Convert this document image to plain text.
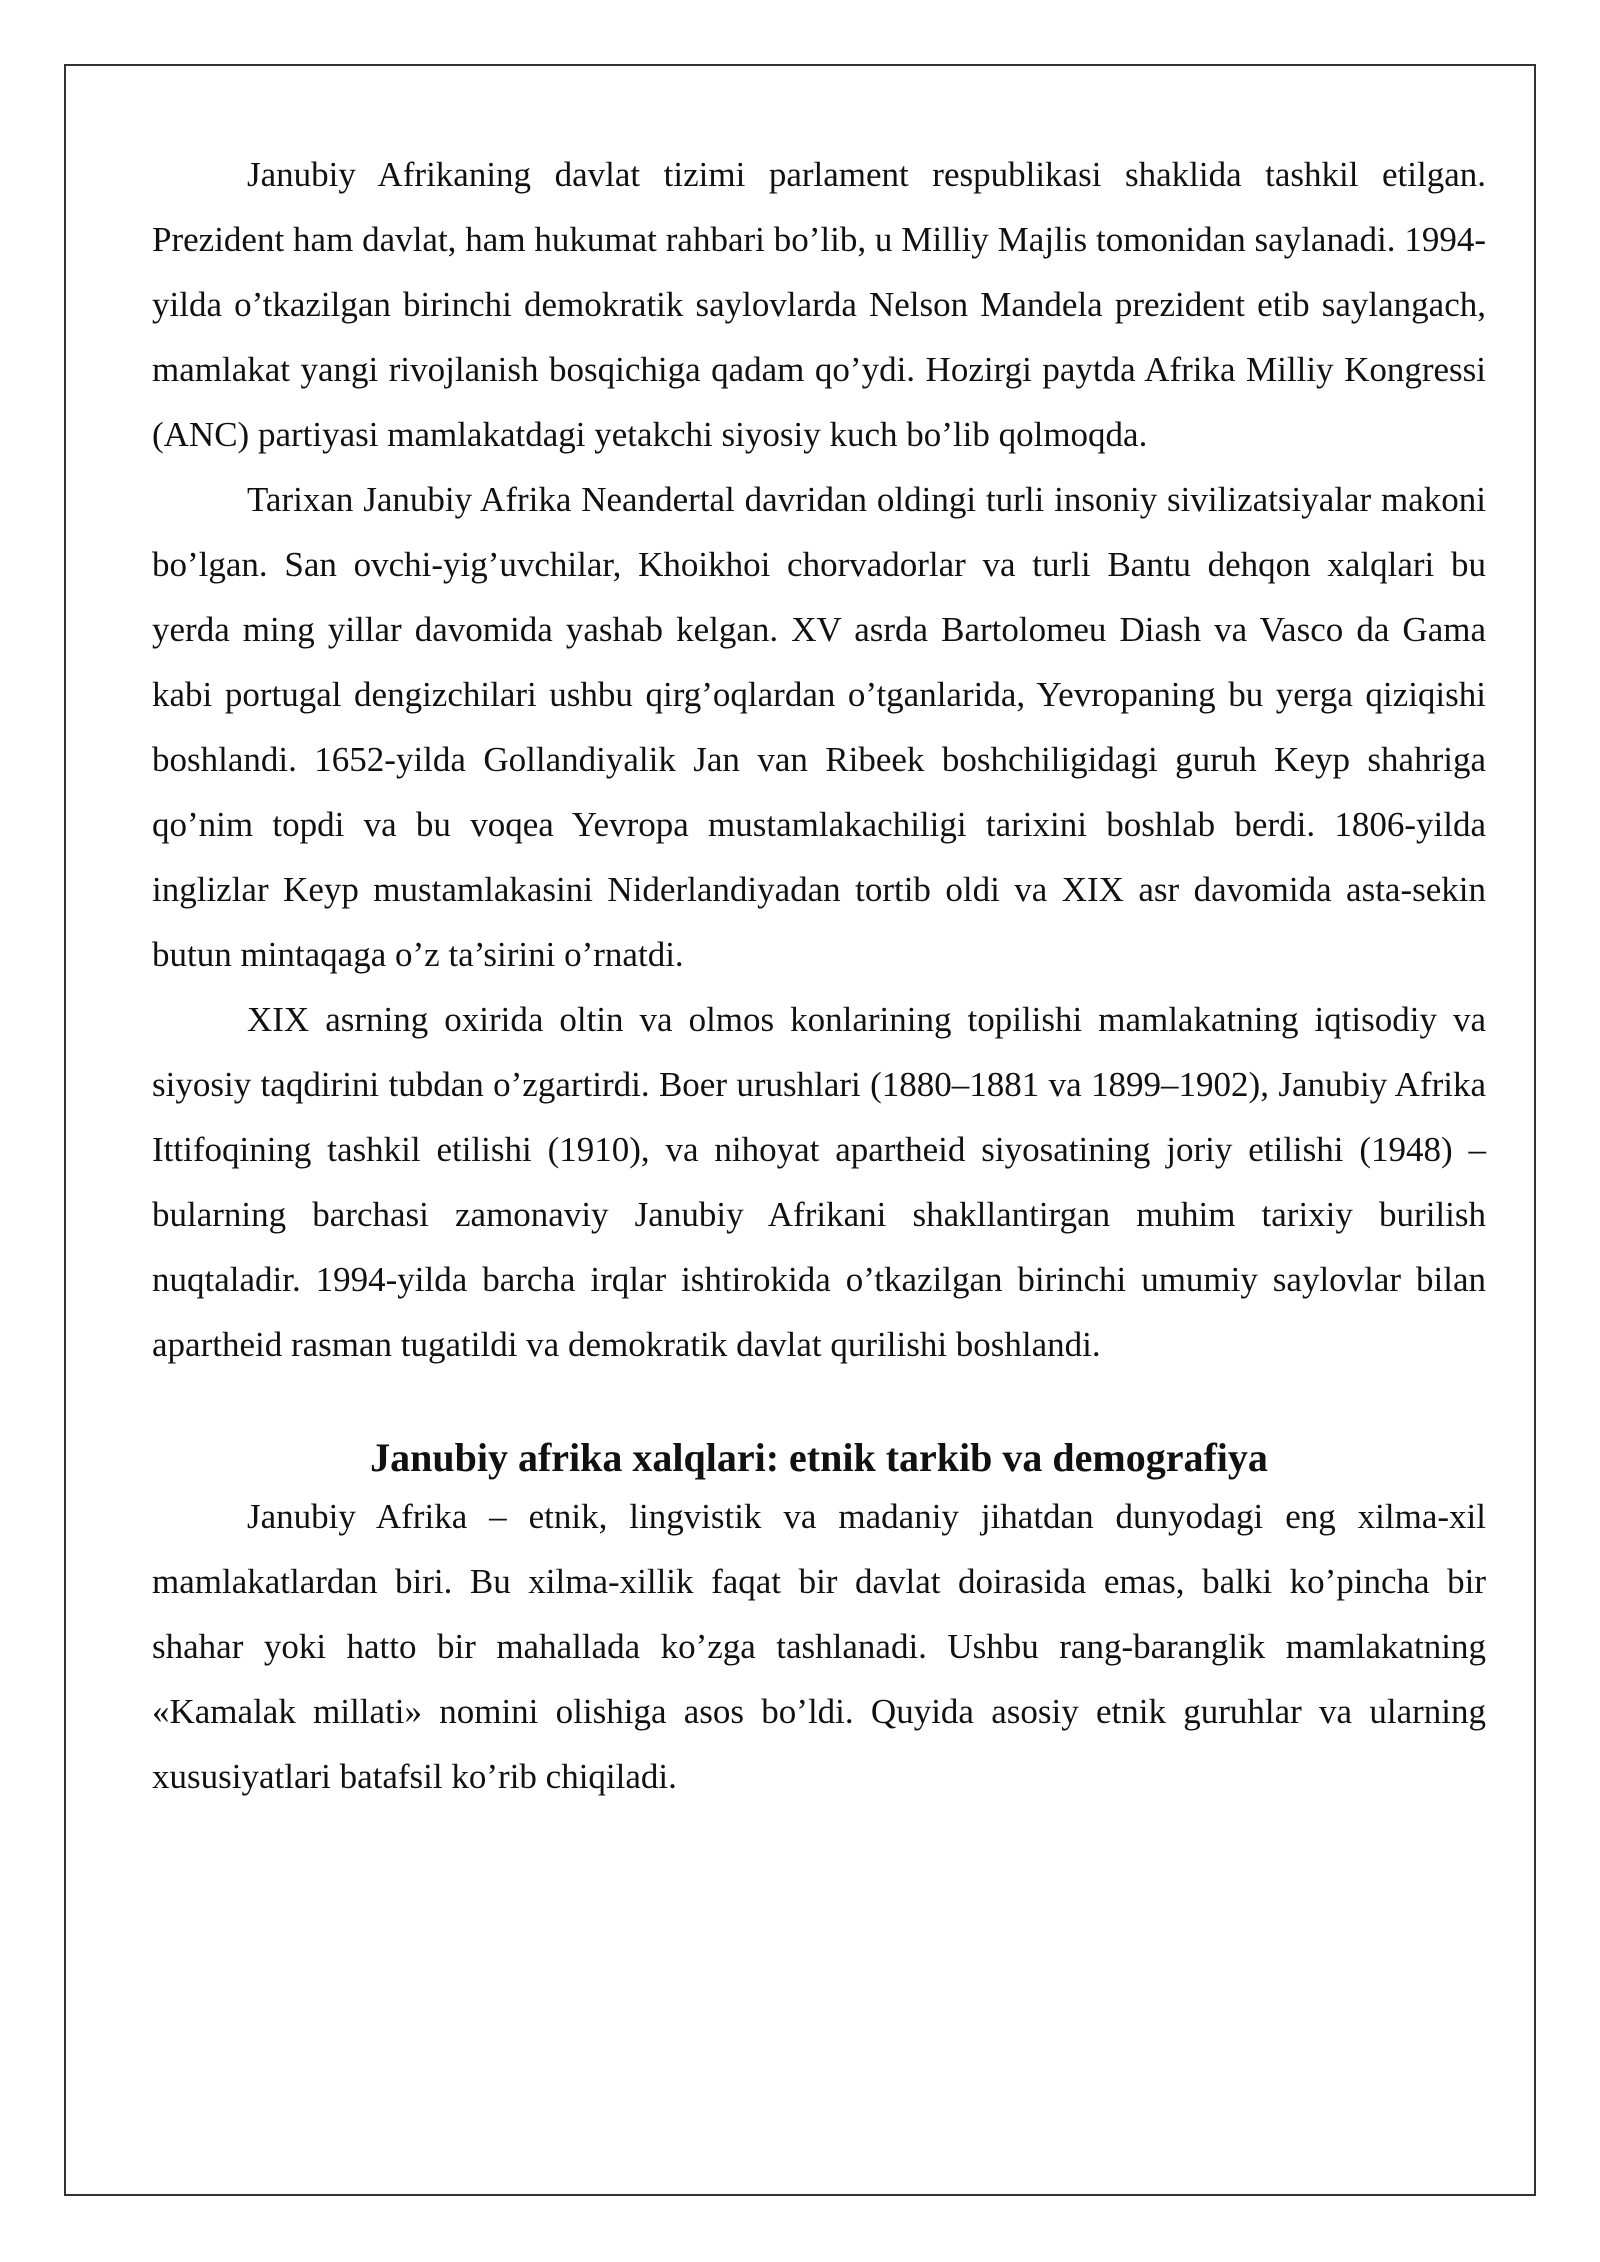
Janubiy Afrikaning davlat tizimi parlament respublikasi shaklida tashkil etilgan. Prezident ham davlat, ham hukumat rahbari bo’lib, u Milliy Majlis tomonidan saylanadi. 1994-yilda o’tkazilgan birinchi demokratik saylovlarda Nelson Mandela prezident etib saylangach, mamlakat yangi rivojlanish bosqichiga qadam qo’ydi. Hozirgi paytda Afrika Milliy Kongressi (ANC) partiyasi mamlakatdagi yetakchi siyosiy kuch bo’lib qolmoqda.

Tarixan Janubiy Afrika Neandertal davridan oldingi turli insoniy sivilizatsiyalar makoni bo’lgan. San ovchi-yig’uvchilar, Khoikhoi chorvadorlar va turli Bantu dehqon xalqlari bu yerda ming yillar davomida yashab kelgan. XV asrda Bartolomeu Diash va Vasco da Gama kabi portugal dengizchilari ushbu qirg’oqlardan o’tganlarida, Yevropaning bu yerga qiziqishi boshlandi. 1652-yilda Gollandiyalik Jan van Ribeek boshchiligidagi guruh Keyp shahriga qo’nim topdi va bu voqea Yevropa mustamlakachiligi tarixini boshlab berdi. 1806-yilda inglizlar Keyp mustamlakasini Niderlandiyadan tortib oldi va XIX asr davomida asta-sekin butun mintaqaga o’z ta’sirini o’rnatdi.

XIX asrning oxirida oltin va olmos konlarining topilishi mamlakatning iqtisodiy va siyosiy taqdirini tubdan o’zgartirdi. Boer urushlari (1880–1881 va 1899–1902), Janubiy Afrika Ittifoqining tashkil etilishi (1910), va nihoyat apartheid siyosatining joriy etilishi (1948) – bularning barchasi zamonaviy Janubiy Afrikani shakllantirgan muhim tarixiy burilish nuqtaladir. 1994-yilda barcha irqlar ishtirokida o’tkazilgan birinchi umumiy saylovlar bilan apartheid rasman tugatildi va demokratik davlat qurilishi boshlandi.

Janubiy afrika xalqlari: etnik tarkib va demografiya

Janubiy Afrika – etnik, lingvistik va madaniy jihatdan dunyodagi eng xilma-xil mamlakatlardan biri. Bu xilma-xillik faqat bir davlat doirasida emas, balki ko’pincha bir shahar yoki hatto bir mahallada ko’zga tashlanadi. Ushbu rang-baranglik mamlakatning «Kamalak millati» nomini olishiga asos bo’ldi. Quyida asosiy etnik guruhlar va ularning xususiyatlari batafsil ko’rib chiqiladi.
